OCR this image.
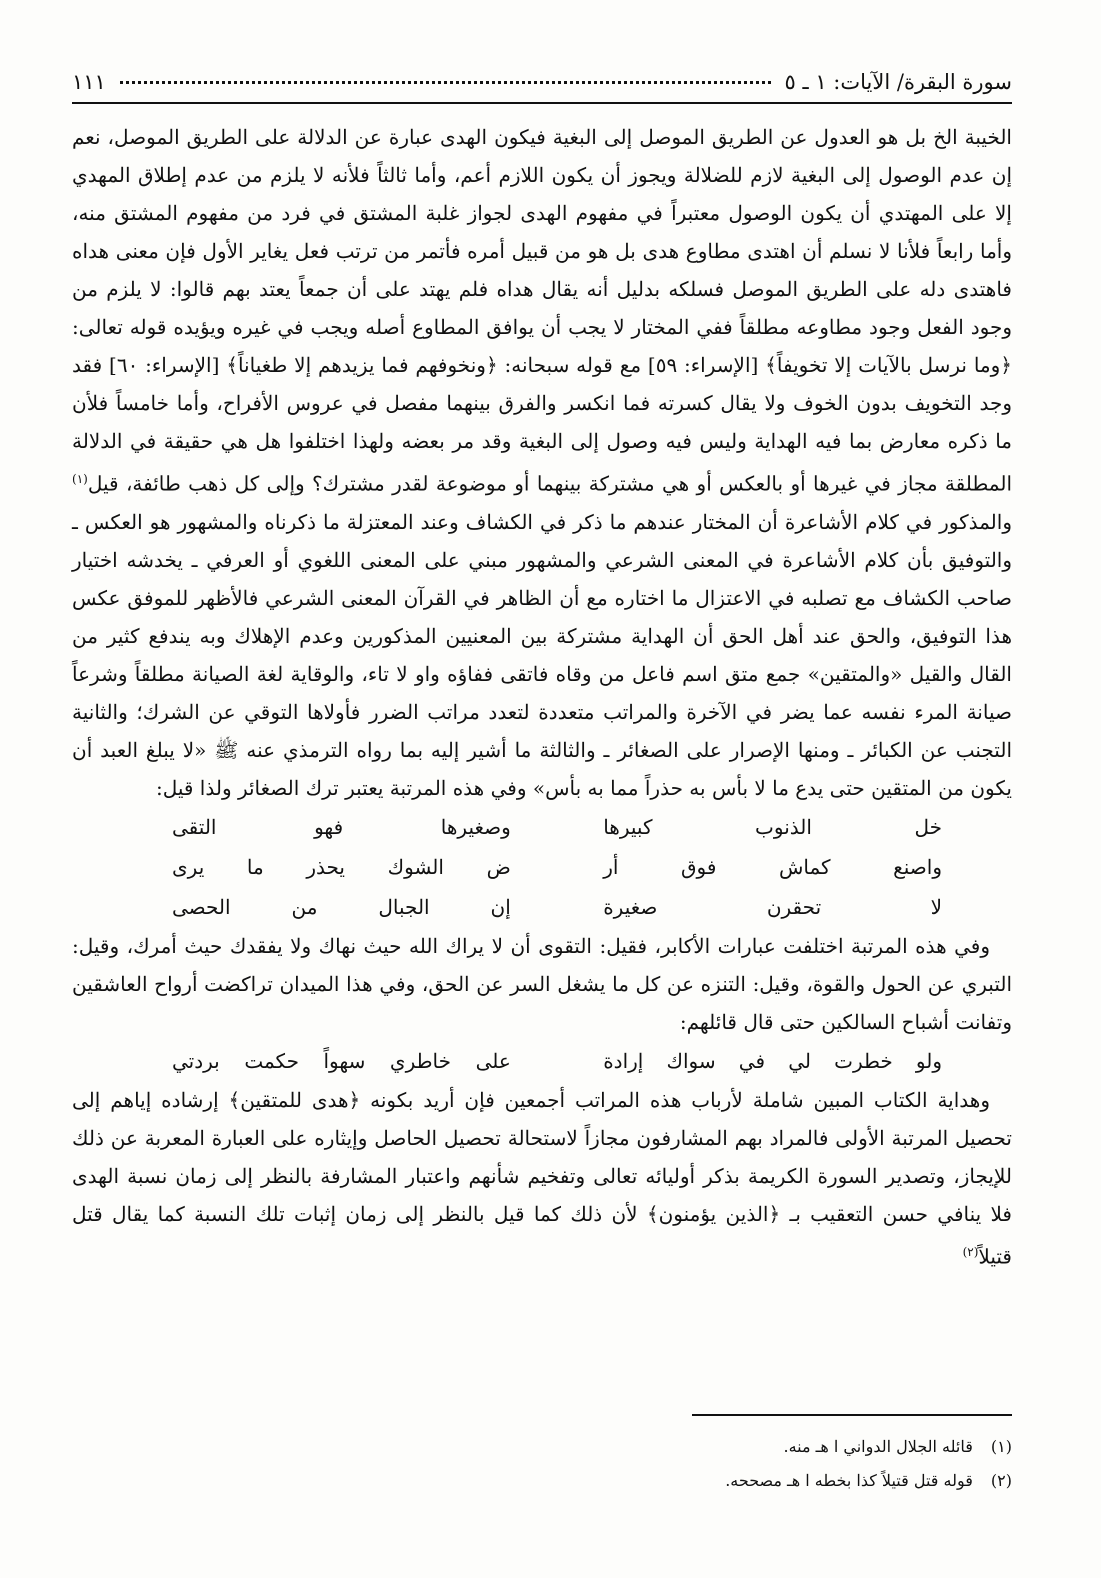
سورة البقرة/ الآيات: ١ ـ ٥
١١١

الخيبة الخ بل هو العدول عن الطريق الموصل إلى البغية فيكون الهدى عبارة عن الدلالة على الطريق الموصل، نعم إن عدم الوصول إلى البغية لازم للضلالة ويجوز أن يكون اللازم أعم، وأما ثالثاً فلأنه لا يلزم من عدم إطلاق المهدي إلا على المهتدي أن يكون الوصول معتبراً في مفهوم الهدى لجواز غلبة المشتق في فرد من مفهوم المشتق منه، وأما رابعاً فلأنا لا نسلم أن اهتدى مطاوع هدى بل هو من قبيل أمره فأتمر من ترتب فعل يغاير الأول فإن معنى هداه فاهتدى دله على الطريق الموصل فسلكه بدليل أنه يقال هداه فلم يهتد على أن جمعاً يعتد بهم قالوا: لا يلزم من وجود الفعل وجود مطاوعه مطلقاً ففي المختار لا يجب أن يوافق المطاوع أصله ويجب في غيره ويؤيده قوله تعالى: ﴿وما نرسل بالآيات إلا تخويفاً﴾ [الإسراء: ٥٩] مع قوله سبحانه: ﴿ونخوفهم فما يزيدهم إلا طغياناً﴾ [الإسراء: ٦٠] فقد وجد التخويف بدون الخوف ولا يقال كسرته فما انكسر والفرق بينهما مفصل في عروس الأفراح، وأما خامساً فلأن ما ذكره معارض بما فيه الهداية وليس فيه وصول إلى البغية وقد مر بعضه ولهذا اختلفوا هل هي حقيقة في الدلالة المطلقة مجاز في غيرها أو بالعكس أو هي مشتركة بينهما أو موضوعة لقدر مشترك؟ وإلى كل ذهب طائفة، قيل$^{(١)}$ والمذكور في كلام الأشاعرة أن المختار عندهم ما ذكر في الكشاف وعند المعتزلة ما ذكرناه والمشهور هو العكس ـ والتوفيق بأن كلام الأشاعرة في المعنى الشرعي والمشهور مبني على المعنى اللغوي أو العرفي ـ يخدشه اختيار صاحب الكشاف مع تصلبه في الاعتزال ما اختاره مع أن الظاهر في القرآن المعنى الشرعي فالأظهر للموفق عكس هذا التوفيق، والحق عند أهل الحق أن الهداية مشتركة بين المعنيين المذكورين وعدم الإهلاك وبه يندفع كثير من القال والقيل «والمتقين» جمع متق اسم فاعل من وقاه فاتقى ففاؤه واو لا تاء، والوقاية لغة الصيانة مطلقاً وشرعاً صيانة المرء نفسه عما يضر في الآخرة والمراتب متعددة لتعدد مراتب الضرر فأولاها التوقي عن الشرك؛ والثانية التجنب عن الكبائر ـ ومنها الإصرار على الصغائر ـ والثالثة ما أشير إليه بما رواه الترمذي عنه ﷺ «لا يبلغ العبد أن يكون من المتقين حتى يدع ما لا بأس به حذراً مما به بأس» وفي هذه المرتبة يعتبر ترك الصغائر ولذا قيل:

خل الذنوب كبيرها
وصغيرها فهو التقى
واصنع كماش فوق أر
ض الشوك يحذر ما يرى
لا تحقرن صغيرة
إن الجبال من الحصى

وفي هذه المرتبة اختلفت عبارات الأكابر، فقيل: التقوى أن لا يراك الله حيث نهاك ولا يفقدك حيث أمرك، وقيل: التبري عن الحول والقوة، وقيل: التنزه عن كل ما يشغل السر عن الحق، وفي هذا الميدان تراكضت أرواح العاشقين وتفانت أشباح السالكين حتى قال قائلهم:

ولو خطرت لي في سواك إرادة
على خاطري سهواً حكمت بردتي

وهداية الكتاب المبين شاملة لأرباب هذه المراتب أجمعين فإن أريد بكونه ﴿هدى للمتقين﴾ إرشاده إياهم إلى تحصيل المرتبة الأولى فالمراد بهم المشارفون مجازاً لاستحالة تحصيل الحاصل وإيثاره على العبارة المعربة عن ذلك للإيجاز، وتصدير السورة الكريمة بذكر أوليائه تعالى وتفخيم شأنهم واعتبار المشارفة بالنظر إلى زمان نسبة الهدى فلا ينافي حسن التعقيب بـ ﴿الذين يؤمنون﴾ لأن ذلك كما قيل بالنظر إلى زمان إثبات تلك النسبة كما يقال قتل قتيلاً$^{(٢)}$

(١) قائله الجلال الدواني ا هـ منه.
(٢) قوله قتل قتيلاً كذا بخطه ا هـ مصححه.
